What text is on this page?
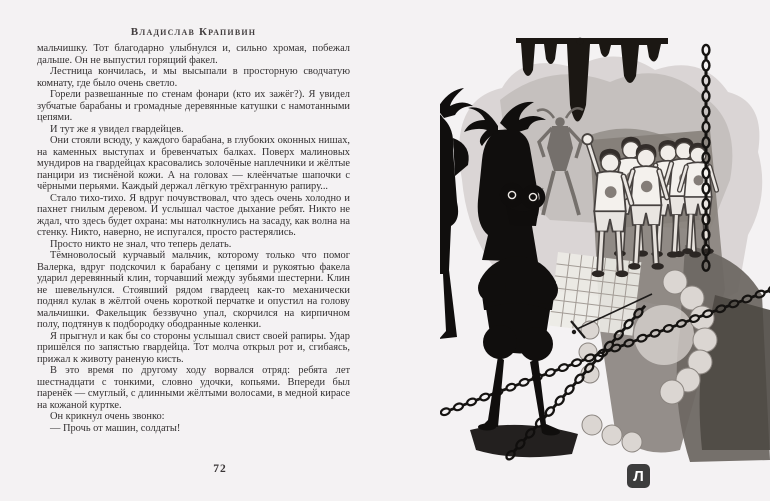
Владислав Крапивин

мальчишку. Тот благодарно улыбнулся и, сильно хромая, побежал дальше. Он не выпустил горящий факел.

Лестница кончилась, и мы высыпали в просторную сводчатую комнату, где было очень светло.

Горели развешанные по стенам фонари (кто их зажёг?). Я увидел зубчатые барабаны и громадные деревянные катушки с намотанными цепями.

И тут же я увидел гвардейцев.

Они стояли всюду, у каждого барабана, в глубоких оконных нишах, на каменных выступах и бревенчатых балках. Поверх малиновых мундиров на гвардейцах красовались золочёные наплечники и жёлтые панцири из тиснёной кожи. А на головах — клеёнчатые шапочки с чёрными перьями. Каждый держал лёгкую трёхгранную рапиру...

Стало тихо-тихо. Я вдруг почувствовал, что здесь очень холодно и пахнет гнилым деревом. И услышал частое дыхание ребят. Никто не ждал, что здесь будет охрана: мы натолкнулись на засаду, как волна на стенку. Никто, наверно, не испугался, просто растерялись.

Просто никто не знал, что теперь делать.

Тёмноволосый курчавый мальчик, которому только что помог Валерка, вдруг подскочил к барабану с цепями и рукоятью факела ударил деревянный клин, торчавший между зубьями шестерни. Клин не шевельнулся. Стоявший рядом гвардеец как-то механически поднял кулак в жёлтой очень короткой перчатке и опустил на голову мальчишки. Факельщик беззвучно упал, скорчился на кирпичном полу, подтянув к подбородку ободранные коленки.

Я прыгнул и как бы со стороны услышал свист своей рапиры. Удар пришёлся по запястью гвардейца. Тот молча открыл рот и, сгибаясь, прижал к животу раненую кисть.

В это время по другому ходу ворвался отряд: ребята лет шестнадцати с тонкими, словно удочки, копьями. Впереди был паренёк — смуглый, с длинными жёлтыми волосами, в медной кирасе на кожаной куртке.

Он крикнул очень звонко:

— Прочь от машин, солдаты!

72	Л
